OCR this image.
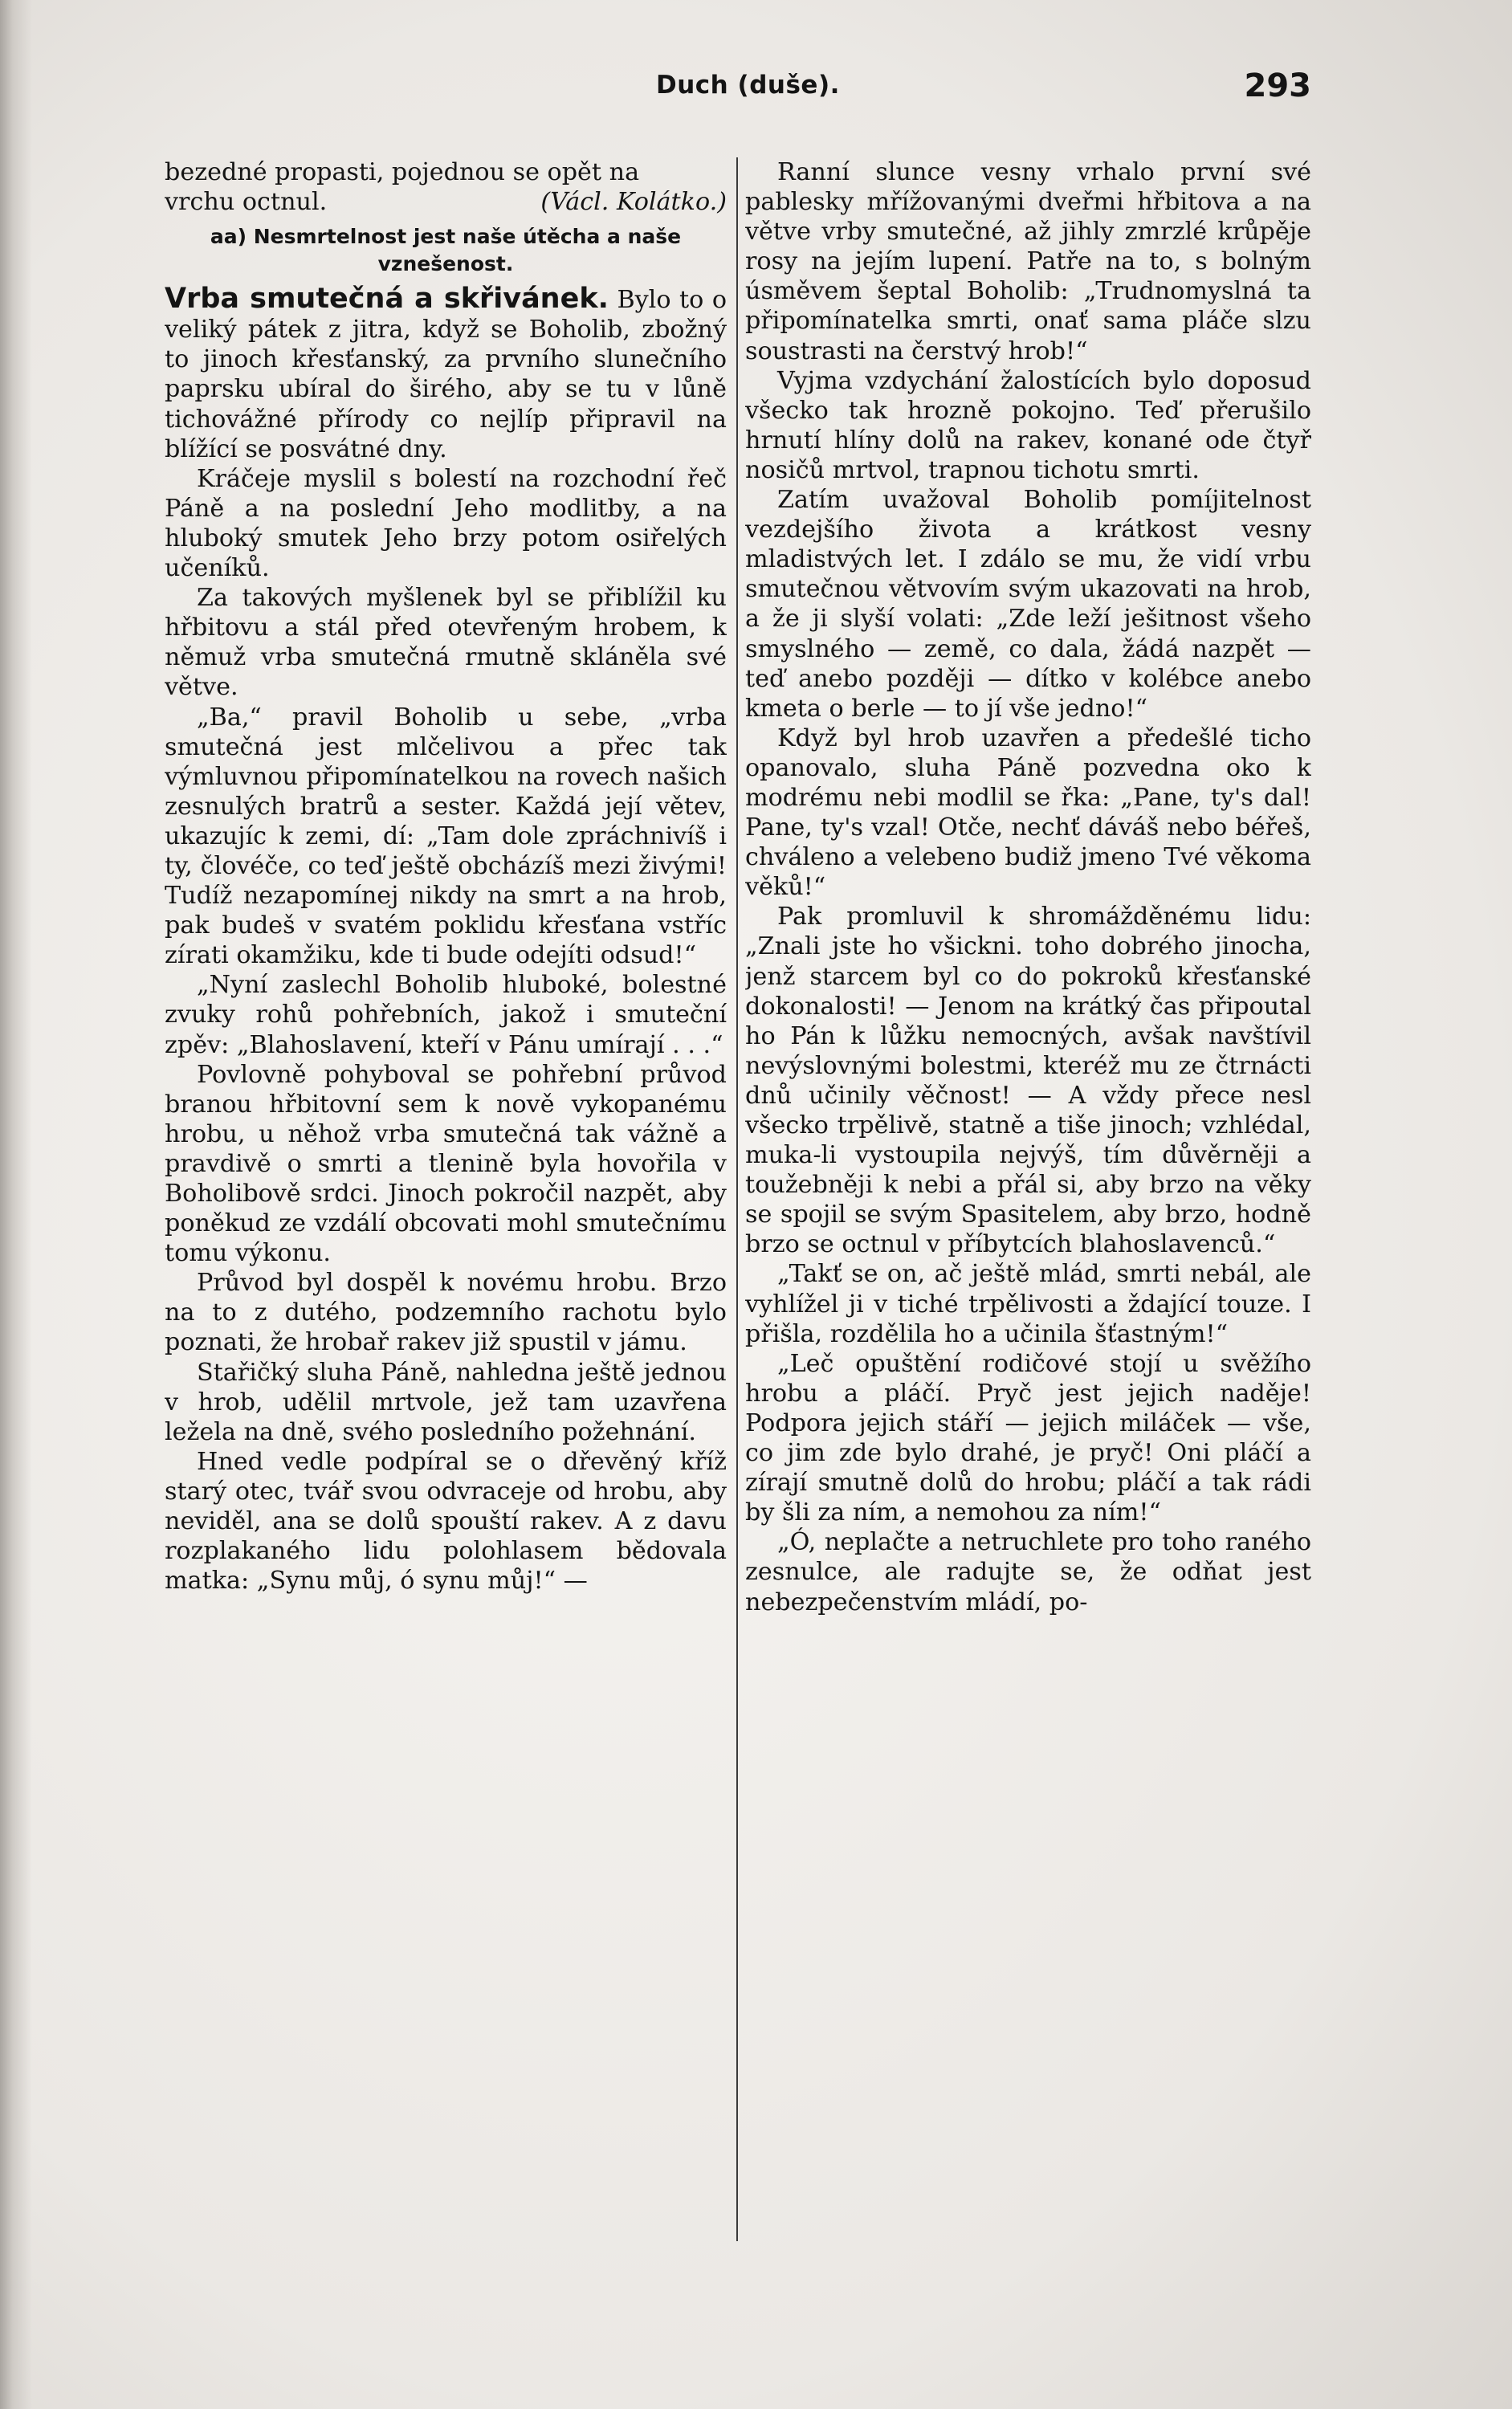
Duch (duše).	293

bezedné propasti, pojednou se opět na

vrchu octnul.	(Václ. Kolátko.)
aa) Nesmrtelnost jest naše útěcha a naše vznešenost.

Vrba smutečná a skřivánek. Bylo to o veliký pátek z jitra, když se Boholib, zbožný to jinoch křesťanský, za prvního slunečního paprsku ubíral do širého, aby se tu v lůně tichovážné přírody co nejlíp připravil na blížící se posvátné dny.

Kráčeje myslil s bolestí na rozchodní řeč Páně a na poslední Jeho modlitby, a na hluboký smutek Jeho brzy potom osiřelých učeníků.

Za takových myšlenek byl se přiblížil ku hřbitovu a stál před otevřeným hrobem, k němuž vrba smutečná rmutně skláněla své větve.

„Ba,“ pravil Boholib u sebe, „vrba smutečná jest mlčelivou a přec tak výmluvnou připomínatelkou na rovech našich zesnulých bratrů a sester. Každá její větev, ukazujíc k zemi, dí: „Tam dole zpráchnivíš i ty, človéče, co teď ještě obcházíš mezi živými! Tudíž nezapomínej nikdy na smrt a na hrob, pak budeš v svatém poklidu křesťana vstříc zírati okamžiku, kde ti bude odejíti odsud!“

„Nyní zaslechl Boholib hluboké, bolestné zvuky rohů pohřebních, jakož i smuteční zpěv: „Blahoslavení, kteří v Pánu umírají . . .“

Povlovně pohyboval se pohřební průvod branou hřbitovní sem k nově vykopanému hrobu, u něhož vrba smutečná tak vážně a pravdivě o smrti a tlenině byla hovořila v Boholibově srdci. Jinoch pokročil nazpět, aby poněkud ze vzdálí obcovati mohl smutečnímu tomu výkonu.

Průvod byl dospěl k novému hrobu. Brzo na to z dutého, podzemního rachotu bylo poznati, že hrobař rakev již spustil v jámu.

Stařičký sluha Páně, nahledna ještě jednou v hrob, udělil mrtvole, jež tam uzavřena ležela na dně, svého posledního požehnání.

Hned vedle podpíral se o dřevěný kříž starý otec, tvář svou odvraceje od hrobu, aby neviděl, ana se dolů spouští rakev. A z davu rozplakaného lidu polohlasem bědovala matka: „Synu můj, ó synu můj!“ —

Ranní slunce vesny vrhalo první své pablesky mřížovanými dveřmi hřbitova a na větve vrby smutečné, až jihly zmrzlé krůpěje rosy na jejím lupení. Patře na to, s bolným úsměvem šeptal Boholib: „Trudnomyslná ta připomínatelka smrti, onať sama pláče slzu soustrasti na čerstvý hrob!“

Vyjma vzdychání žalostících bylo doposud všecko tak hrozně pokojno. Teď přerušilo hrnutí hlíny dolů na rakev, konané ode čtyř nosičů mrtvol, trapnou tichotu smrti.

Zatím uvažoval Boholib pomíjitelnost vezdejšího života a krátkost vesny mladistvých let. I zdálo se mu, že vidí vrbu smutečnou větvovím svým ukazovati na hrob, a že ji slyší volati: „Zde leží ješitnost všeho smyslného — země, co dala, žádá nazpět — teď anebo později — dítko v kolébce anebo kmeta o berle — to jí vše jedno!“

Když byl hrob uzavřen a předešlé ticho opanovalo, sluha Páně pozvedna oko k modrému nebi modlil se řka: „Pane, ty's dal! Pane, ty's vzal! Otče, nechť dáváš nebo béřeš, chváleno a velebeno budiž jmeno Tvé věkoma věků!“

Pak promluvil k shromážděnému lidu: „Znali jste ho všickni. toho dobrého jinocha, jenž starcem byl co do pokroků křesťanské dokonalosti! — Jenom na krátký čas připoutal ho Pán k lůžku nemocných, avšak navštívil nevýslovnými bolestmi, kteréž mu ze čtrnácti dnů učinily věčnost! — A vždy přece nesl všecko trpělivě, statně a tiše jinoch; vzhlédal, muka-li vystoupila nejvýš, tím důvěrněji a toužebněji k nebi a přál si, aby brzo na věky se spojil se svým Spasitelem, aby brzo, hodně brzo se octnul v příbytcích blahoslavenců.“

„Takť se on, ač ještě mlád, smrti nebál, ale vyhlížel ji v tiché trpělivosti a ždající touze. I přišla, rozdělila ho a učinila šťastným!“

„Leč opuštění rodičové stojí u svěžího hrobu a pláčí. Pryč jest jejich naděje! Podpora jejich stáří — jejich miláček — vše, co jim zde bylo drahé, je pryč! Oni pláčí a zírají smutně dolů do hrobu; pláčí a tak rádi by šli za ním, a nemohou za ním!“

„Ó, neplačte a netruchlete pro toho raného zesnulce, ale radujte se, že odňat jest nebezpečenstvím mládí, po-
